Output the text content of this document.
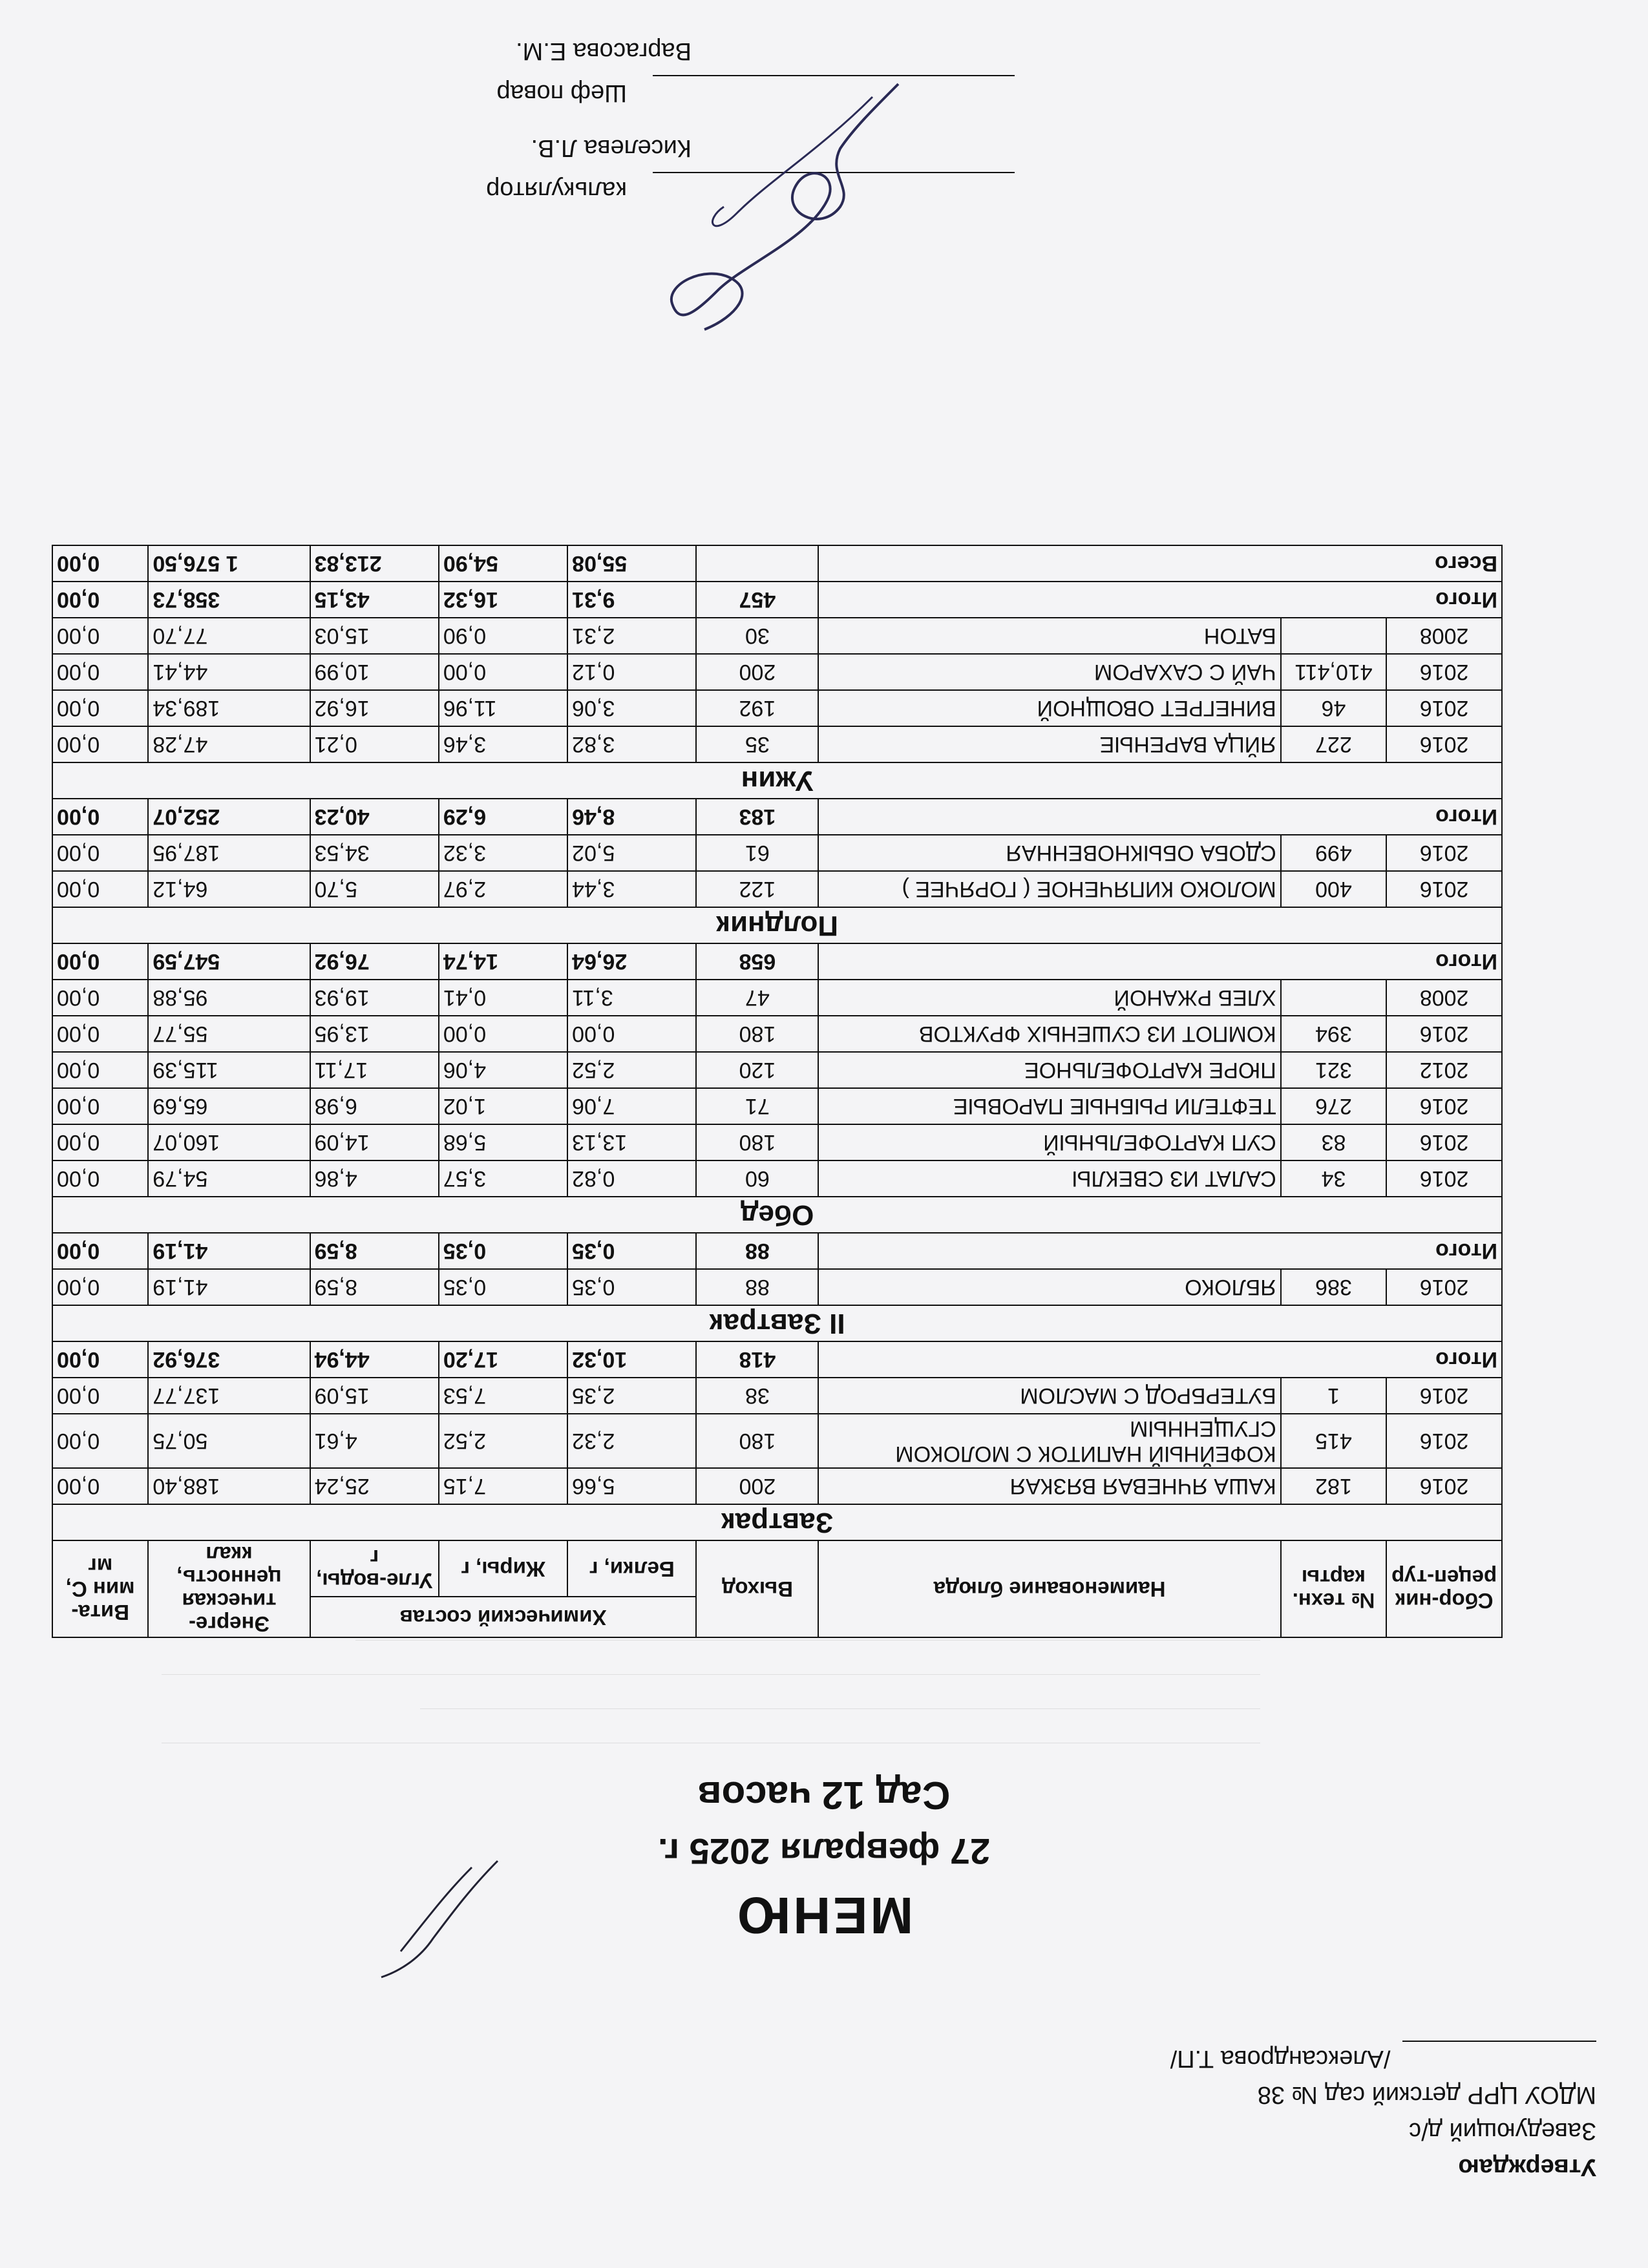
Утверждаю
Заведующий д/с
МДОУ ЦРР детский сад № 38
/Александрова Т.П/
МЕНЮ
27 февраля 2025 г.
Сад 12 часов
Сбор-ник рецеп-тур	№ техн. карты	Наименование блюда	Выход	Химический состав			Энерге-тическая ценность, ккал	Вита-мин С, мг
				Белки, г	Жиры, г	Угле-воды, г		
Завтрак								
2016	182	КАША ЯЧНЕВАЯ ВЯЗКАЯ	200	5,66	7,15	25,24	188,40	0,00
2016	415	КОФЕЙНЫЙ НАПИТОК С МОЛОКОМ СГУЩЕННЫМ	180	2,32	2,52	4,61	50,75	0,00
2016	1	БУТЕРБРОД С МАСЛОМ	38	2,35	7,53	15,09	137,77	0,00
Итого			418	10,32	17,20	44,94	376,92	0,00
II Завтрак								
2016	386	ЯБЛОКО	88	0,35	0,35	8,59	41,19	0,00
Итого			88	0,35	0,35	8,59	41,19	0,00
Обед								
2016	34	САЛАТ ИЗ СВЕКЛЫ	60	0,82	3,57	4,86	54,79	0,00
2016	83	СУП КАРТОФЕЛЬНЫЙ	180	13,13	5,68	14,09	160,07	0,00
2016	276	ТЕФТЕЛИ РЫБНЫЕ ПАРОВЫЕ	71	7,06	1,02	6,98	65,69	0,00
2012	321	ПЮРЕ КАРТОФЕЛЬНОЕ	120	2,52	4,06	17,11	115,39	0,00
2016	394	КОМПОТ ИЗ СУШЕНЫХ ФРУКТОВ	180	0,00	0,00	13,95	55,77	0,00
2008		ХЛЕБ РЖАНОЙ	47	3,11	0,41	19,93	95,88	0,00
Итого			658	26,64	14,74	76,92	547,59	0,00
Полдник								
2016	400	МОЛОКО КИПЯЧЕНОЕ ( ГОРЯЧЕЕ )	122	3,44	2,97	5,70	64,12	0,00
2016	499	СДОБА ОБЫКНОВЕННАЯ	61	5,02	3,32	34,53	187,95	0,00
Итого			183	8,46	6,29	40,23	252,07	0,00
Ужин								
2016	227	ЯЙЦА ВАРЕНЫЕ	35	3,82	3,46	0,21	47,28	0,00
2016	46	ВИНЕГРЕТ ОВОЩНОЙ	192	3,06	11,96	16,92	189,34	0,00
2016	410,411	ЧАЙ С САХАРОМ	200	0,12	0,00	10,99	44,41	0,00
2008		БАТОН	30	2,31	0,90	15,03	77,70	0,00
Итого			457	9,31	16,32	43,15	358,73	0,00
Всего				55,08	54,90	213,83	1 576,50	0,00
калькулятор
Киселева Л.В.
Шеф повар
Варгасова Е.М.
